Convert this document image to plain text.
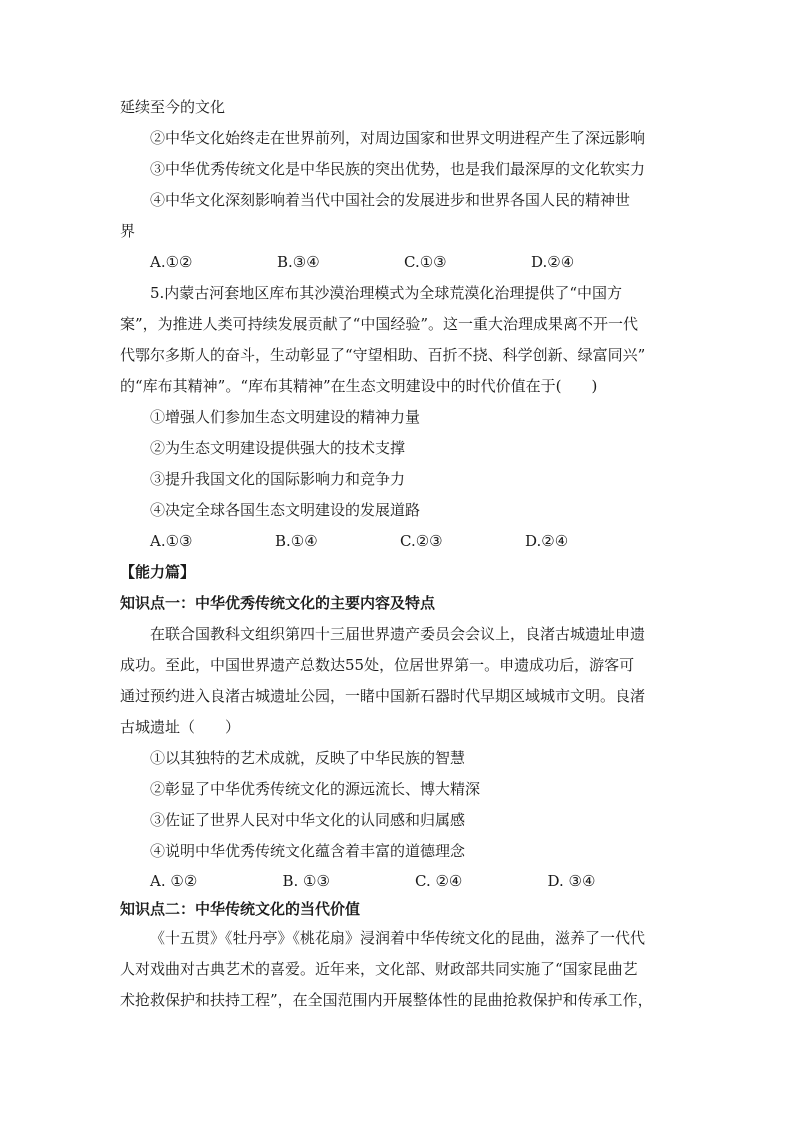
延续至今的文化
②中华文化始终走在世界前列，对周边国家和世界文明进程产生了深远影响
③中华优秀传统文化是中华民族的突出优势，也是我们最深厚的文化软实力
④中华文化深刻影响着当代中国社会的发展进步和世界各国人民的精神世
界
A.①②	B.③④	C.①③	D.②④
5.内蒙古河套地区库布其沙漠治理模式为全球荒漠化治理提供了“中国方
案”，为推进人类可持续发展贡献了“中国经验”。这一重大治理成果离不开一代
代鄂尔多斯人的奋斗，生动彰显了“守望相助、百折不挠、科学创新、绿富同兴”
的“库布其精神”。“库布其精神”在生态文明建设中的时代价值在于(　　)
①增强人们参加生态文明建设的精神力量
②为生态文明建设提供强大的技术支撑
③提升我国文化的国际影响力和竞争力
④决定全球各国生态文明建设的发展道路
A.①③	B.①④	C.②③	D.②④
【能力篇】
知识点一：中华优秀传统文化的主要内容及特点
在联合国教科文组织第四十三届世界遗产委员会会议上，良渚古城遗址申遗
成功。至此，中国世界遗产总数达55处，位居世界第一。申遗成功后，游客可
通过预约进入良渚古城遗址公园，一睹中国新石器时代早期区域城市文明。良渚
古城遗址（　　）
①以其独特的艺术成就，反映了中华民族的智慧
②彰显了中华优秀传统文化的源远流长、博大精深
③佐证了世界人民对中华文化的认同感和归属感
④说明中华优秀传统文化蕴含着丰富的道德理念
A. ①②	B. ①③	C. ②④	D. ③④
知识点二：中华传统文化的当代价值
《十五贯》《牡丹亭》《桃花扇》浸润着中华传统文化的昆曲，滋养了一代代
人对戏曲对古典艺术的喜爱。近年来，文化部、财政部共同实施了“国家昆曲艺
术抢救保护和扶持工程”，在全国范围内开展整体性的昆曲抢救保护和传承工作，
